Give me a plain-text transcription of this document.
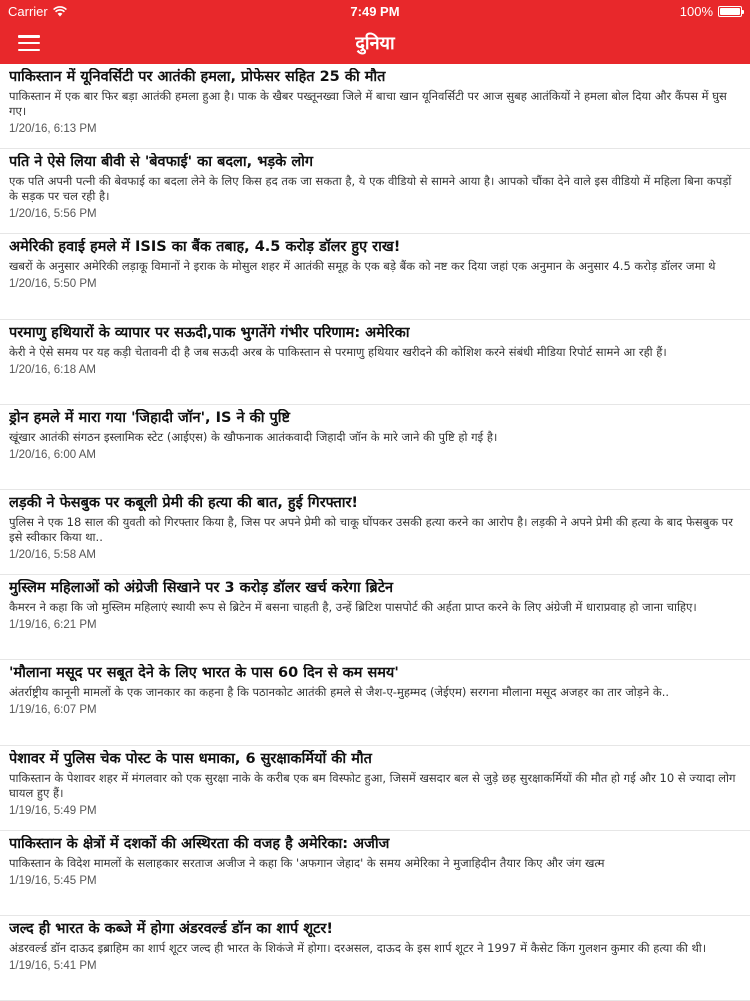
Carrier	7:49 PM	100%
दुनिया
पाकिस्तान में यूनिवर्सिटी पर आतंकी हमला, प्रोफेसर सहित 25 की मौत
पाकिस्तान में एक बार फिर बड़ा आतंकी हमला हुआ है। पाक के खैबर पख्तूनख्वा जिले में बाचा खान यूनिवर्सिटी पर आज सुबह आतंकियों ने हमला बोल दिया और कैंपस में घुस गए।
1/20/16, 6:13 PM
पति ने ऐसे लिया बीवी से 'बेवफाई' का बदला, भड़के लोग
एक पति अपनी पत्नी की बेवफाई का बदला लेने के लिए किस हद तक जा सकता है, ये एक वीडियो से सामने आया है। आपको चौंका देने वाले इस वीडियो में महिला बिना कपड़ों के सड़क पर चल रही है।
1/20/16, 5:56 PM
अमेरिकी हवाई हमले में ISIS का बैंक तबाह, 4.5 करोड़ डॉलर हुए राख!
खबरों के अनुसार अमेरिकी लड़ाकू विमानों ने इराक के मोसुल शहर में आतंकी समूह के एक बड़े बैंक को नष्ट कर दिया जहां एक अनुमान के अनुसार 4.5 करोड़ डॉलर जमा थे
1/20/16, 5:50 PM
परमाणु हथियारों के व्यापार पर सऊदी,पाक भुगतेंगे गंभीर परिणाम: अमेरिका
केरी ने ऐसे समय पर यह कड़ी चेतावनी दी है जब सऊदी अरब के पाकिस्तान से परमाणु हथियार खरीदने की कोशिश करने संबंधी मीडिया रिपोर्ट सामने आ रही हैं।
1/20/16, 6:18 AM
ड्रोन हमले में मारा गया 'जिहादी जॉन', IS ने की पुष्टि
खूंखार आतंकी संगठन इस्लामिक स्टेट (आईएस) के खौफनाक आतंकवादी जिहादी जॉन के मारे जाने की पुष्टि हो गई है।
1/20/16, 6:00 AM
लड़की ने फेसबुक पर कबूली प्रेमी की हत्या की बात, हुई गिरफ्तार!
पुलिस ने एक 18 साल की युवती को गिरफ्तार किया है, जिस पर अपने प्रेमी को चाकू घोंपकर उसकी हत्या करने का आरोप है। लड़की ने अपने प्रेमी की हत्या के बाद फेसबुक पर इसे स्वीकार किया था..
1/20/16, 5:58 AM
मुस्लिम महिलाओं को अंग्रेजी सिखाने पर 3 करोड़ डॉलर खर्च करेगा ब्रिटेन
कैमरन ने कहा कि जो मुस्लिम महिलाएं स्थायी रूप से ब्रिटेन में बसना चाहती है, उन्हें ब्रिटिश पासपोर्ट की अर्हता प्राप्त करने के लिए अंग्रेजी में धाराप्रवाह हो जाना चाहिए।
1/19/16, 6:21 PM
'मौलाना मसूद पर सबूत देने के लिए भारत के पास 60 दिन से कम समय'
अंतर्राष्ट्रीय कानूनी मामलों के एक जानकार का कहना है कि पठानकोट आतंकी हमले से जैश-ए-मुहम्मद (जेईएम) सरगना मौलाना मसूद अजहर का तार जोड़ने के..
1/19/16, 6:07 PM
पेशावर में पुलिस चेक पोस्ट के पास धमाका, 6 सुरक्षाकर्मियों की मौत
पाकिस्तान के पेशावर शहर में मंगलवार को एक सुरक्षा नाके के करीब एक बम विस्फोट हुआ, जिसमें खसदार बल से जुड़े छह सुरक्षाकर्मियों की मौत हो गई और 10 से ज्यादा लोग घायल हुए हैं।
1/19/16, 5:49 PM
पाकिस्तान के क्षेत्रों में दशकों की अस्थिरता की वजह है अमेरिका: अजीज
पाकिस्तान के विदेश मामलों के सलाहकार सरताज अजीज ने कहा कि 'अफगान जेहाद' के समय अमेरिका ने मुजाहिदीन तैयार किए और जंग खत्म
1/19/16, 5:45 PM
जल्द ही भारत के कब्जे में होगा अंडरवर्ल्ड डॉन का शार्प शूटर!
अंडरवर्ल्ड डॉन दाऊद इब्राहिम का शार्प शूटर जल्द ही भारत के शिकंजे में होगा। दरअसल, दाऊद के इस शार्प शूटर ने 1997 में कैसेट किंग गुलशन कुमार की हत्या की थी।
1/19/16, 5:41 PM
